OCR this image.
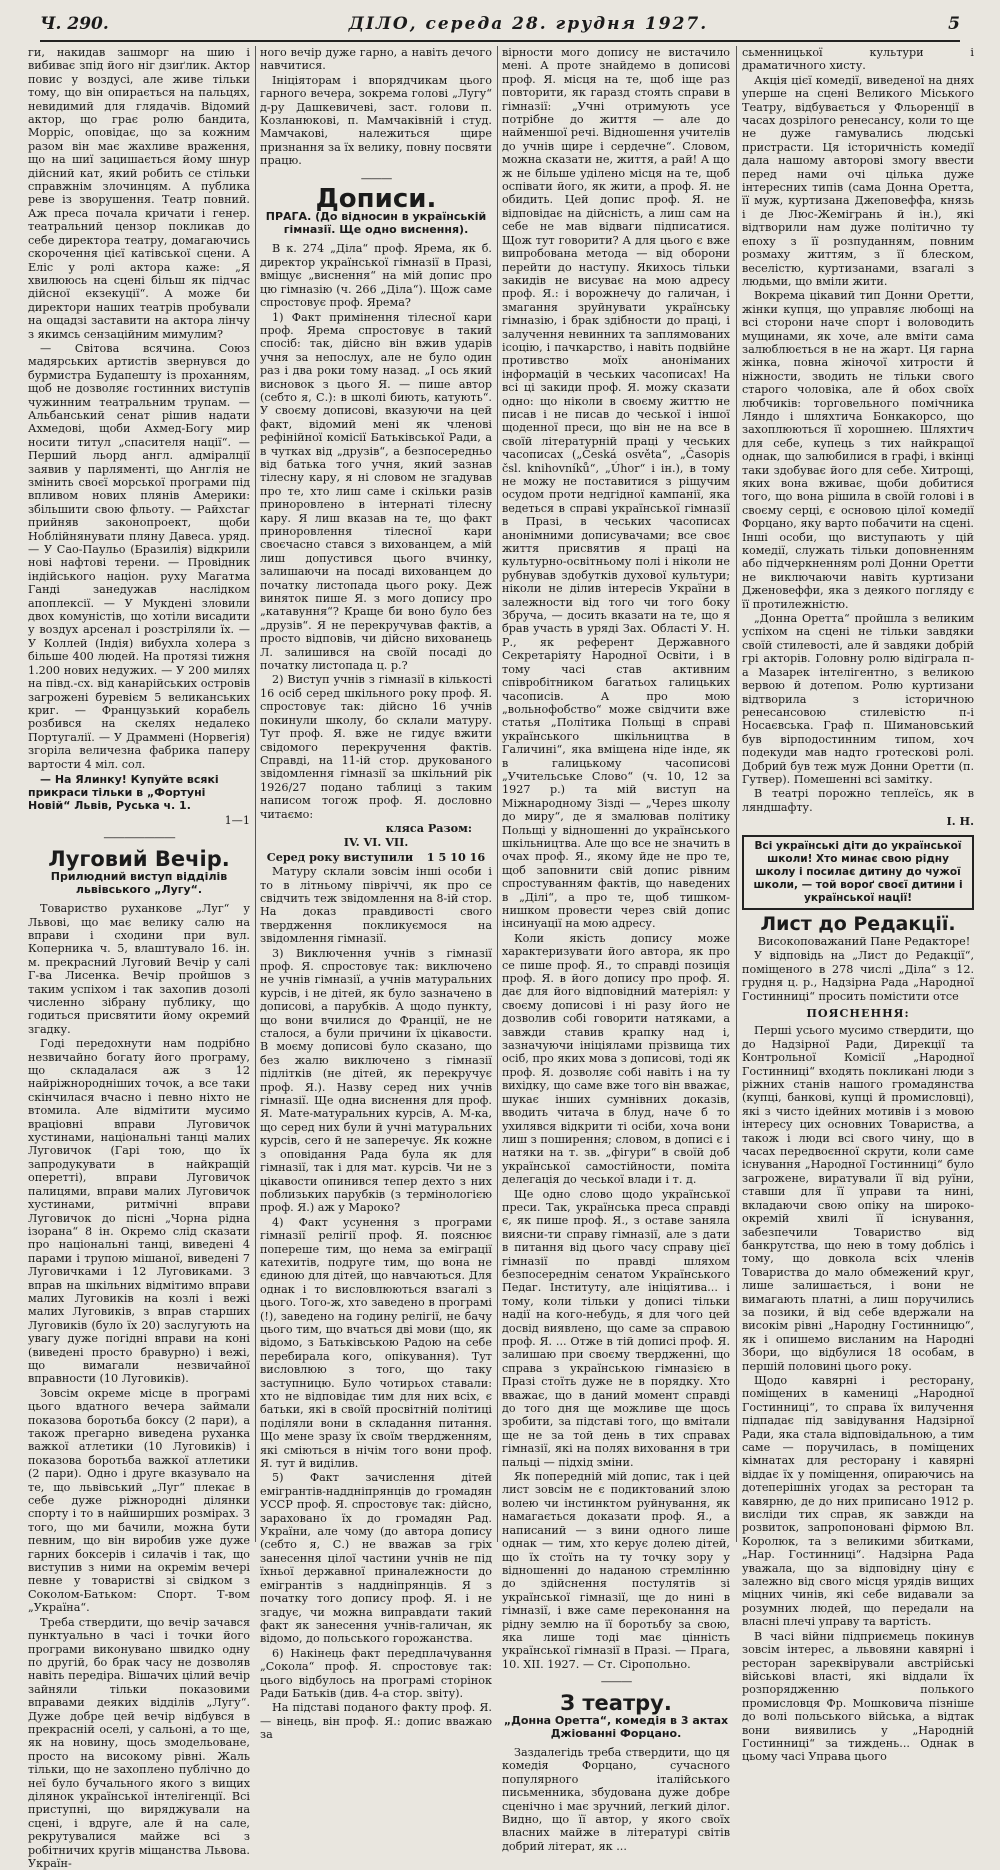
Ч. 290.	ДІЛО, середа 28. грудня 1927.	5

ги, накидав зашморг на шию і вибиває зпід його ніг дзиґлик. Актор повис у воздусі, але живе тільки тому, що він опирається на пальцях, невидимий для глядачів. Відомий актор, що грає ролю бандита, Морріс, оповідає, що за кожним разом він має жахливе враження, що на шиї зацишається йому шнур дійсний кат, який робить се стільки справжнім злочинцям. А публика реве із зворушення. Театр повний. Аж преса почала кричати і генер. театральний цензор покликав до себе директора театру, домагаючись скорочення цієї катівської сцени. А Еліс у ролі актора каже: „Я хвилююсь на сцені більш як підчас дійсної екзекуції“. А може би директори наших театрів пробували на ощадзі заставити на актора лінчу з якимсь сензаційним мимулим?

— Світова всячина. Союз мадярських артистів звернувся до бурмистра Будапешту із проханням, щоб не дозволяє гостинних виступів чужинним театральним трупам. — Альбанський сенат рішив надати Ахмедові, щоби Ахмед-Богу мир носити титул „спасителя нації“. — Перший льорд англ. адміралції заявив у парляменті, що Англія не змінить своєї морської програми під впливом нових плянів Америки: збільшити свою фльоту. — Райхстаг прийняв законопроект, щоби Ноблійнянувати пляну Давеса. уряд. — У Сао-Паульо (Бразилія) відкрили нові нафтові терени. — Провідник індійського націон. руху Магатма Ганді занедужав наслідком апоплексії. — У Мукдені зловили двох комуністів, що хотіли висадити у воздух арсенал і розстріляли їх. — У Коллей (Індія) вибухла холера з більше 400 людей. На протязі тижня 1.200 нових недужих. — У 200 милях на півд.-сх. від канарійських островів загрожені буревієм 5 великанських криг. — Французький корабель розбився на скелях недалеко Португалії. — У Драммені (Норвегія) згоріла величезна фабрика паперу вартости 4 міл. сол.

— На Ялинку! Купуйте всякі прикраси тільки в „Фортуні Новій“ Львів, Руська ч. 1.

1—1

———————
Луговий Вечір.
Прилюдний виступ відділів львівського „Лугу“.

Товариство руханкове „Луг“ у Львові, що має велику салю на вправи і сходини при вул. Коперника ч. 5, влаштувало 16. ін. м. прекрасний Луговий Вечір у салі Г-ва Лисенка. Вечір пройшов з таким успіхом і так захопив дозолі численно зібрану публику, що годиться присвятити йому окремий згадку.

Годі передохнути нам подрібно незвичайно богату його програму, що складалася аж з 12 найріжнородніших точок, а все таки скінчилася вчасно і певно ніхто не втомила. Але відмітити мусимо враціовні вправи Луговичок хустинами, національні танці малих Луговичок (Гарі тою, що їх запродукувати в найкращій оперетті), вправи Луговичок палицями, вправи малих Луговичок хустинами, ритмічні вправи Луговичок до пісні „Чорна рідна ізорана“ 8 ін. Окремо слід сказати про національні танці, виведені 4 парами і трупою мішаної, виведені 7 Луговичками і 12 Луговиками. З вправ на шкільних відмітимо вправи малих Луговиків на козлі і вежі малих Луговиків, з вправ старших Луговиків (було їх 20) заслугують на увагу дуже погідні вправи на коні (виведені просто бравурно) і вежі, що вимагали незвичайної вправности (10 Луговиків).

Зовсім окреме місце в програмі цього вдатного вечера займали показова боротьба боксу (2 пари), а також прегарно виведена руханка важкої атлетики (10 Луговиків) і показова боротьба важкої атлетики (2 пари). Одно і друге вказувало на те, що львівський „Луг“ плекає в себе дуже ріжнородні ділянки спорту і то в найширших розмірах. З того, що ми бачили, можна бути певним, що він виробив уже дуже гарних боксерів і силачів і так, що виступив з ними на окремім вечері певне у товаристві зі свідком з Соколом-Батьком: Спорт. Т-вом „Україна“.

Треба ствердити, що вечір зачався пунктуально в часі і точки його програми виконувано швидко одну по другій, бо брак часу не дозволяв навіть передіра. Вішачих цілий вечір зайняли тільки показовими вправами деяких відділів „Лугу“. Дуже добре цей вечір відбувся в прекрасній оселі, у сальоні, а то ще, як на новину, щось змодельоване, просто на високому рівні. Жаль тільки, що не захоплено публічно до неї було бучального якого з вищих ділянок української інтелігенції. Всі приступні, що виряджували на сцені, і вдруге, але й на сале, рекрутувалися майже всі з робітничих кругів міщанства Львова. Україн-

ного вечір дуже гарно, а навіть дечого навчитися.

Ініціяторам і впорядчикам цього гарного вечера, зокрема голові „Лугу“ д-ру Дашкевичеві, заст. голови п. Козланюкові, п. Мамчаківній і студ. Мамчакові, належиться щире признання за їх велику, повну посвяти працю.

———
Дописи.
ПРАГА. (До відносин в українській гімназії. Ще одно виснення).

В к. 274 „Діла“ проф. Ярема, як б. директор української гімназії в Празі, вміщує „виснення“ на мій допис про цю гімназію (ч. 266 „Діла“). Щож саме спростовує проф. Ярема?

1) Факт примінення тілесної кари проф. Ярема спростовує в такий спосіб: так, дійсно він вжив ударів учня за непослух, але не було один раз і два роки тому назад. „І ось який висновок з цього Я. — пише автор (себто я, С.): в школі биють, катують“. У своєму дописові, вказуючи на цей факт, відомий мені як членові рефінійної комісії Батьківської Ради, а в чутках від „друзів“, а безпосередньо від батька того учня, який зазнав тілесну кару, я ні словом не згадував про те, хто лиш саме і скільки разів приноровлено в інтернаті тілесну кару. Я лиш вказав на те, що факт приноровлення тілесної кари своєчасно стався з вихованцем, а мій лиш допустився цього вчинку, залишаючи на посаді вихованцем до початку листопада цього року. Деж виняток пише Я. з мого допису про „катавуння“? Краще би воно було без „друзів“. Я не перекручував фактів, а просто відповів, чи дійсно вихованець Л. залишився на своїй посаді до початку листопада ц. р.?

2) Виступ учнів з гімназії в кількості 16 осіб серед шкільного року проф. Я. спростовує так: дійсно 16 учнів покинули школу, бо склали матуру. Тут проф. Я. вже не гидує вжити свідомого перекручення фактів. Справді, на 11-ій стор. друкованого звідомлення гімназії за шкільний рік 1926/27 подано таблиці з таким написом тогож проф. Я. дословно читаємо:

кляса Разом:
IV. VI. VII.
Серед року виступили 1 5 10 16

Матуру склали зовсім інші особи і то в літньому півріччі, як про се свідчить теж звідомлення на 8-ій стор. На доказ правдивості свого твердження покликуємося на звідомлення гімназії.

3) Виключення учнів з гімназії проф. Я. спростовує так: виключено не учнів гімназії, а учнів матуральних курсів, і не дітей, як було зазначено в дописові, а парубків. А щодо пункту, що вони вчилися до Франції, не не сталося, а були причини їх цікавости. В моєму дописові було сказано, що без жалю виключено з гімназії підлітків (не дітей, як перекручує проф. Я.). Назву серед них учнів гімназії. Ще одна виснення для проф. Я. Мате-матуральних курсів, А. М-ка, що серед них були й учні матуральних курсів, сего й не заперечує. Як кожне з оповідання Рада була як для гімназії, так і для мат. курсів. Чи не з цікавости опинився тепер дехто з них поблизьких парубків (з термінологією проф. Я.) аж у Мароко?

4) Факт усунення з програми гімназії релігії проф. Я. пояснює попереше тим, що нема за еміграції катехитів, подруге тим, що вона не єдиною для дітей, що навчаються. Для однак і то висловлюються взагалі з цього. Того-ж, хто заведено в програмі (!), заведено на годину релігії, не бачу цього тим, що вчаться дві мови (що, як відомо, з Батьківською Радою на себе перебирала кого, опікування). Тут висловлюю з того, що таку заступницю. Було чотирьох ставали: хто не відповідає тим для них всіх, є батьки, які в своїй просвітній політиці поділяли вони в складання питання. Що мене зразу їх своїм твердженням, які сміються в нічім того вони проф. Я. тут й виділив.

5) Факт зачислення дітей емігрантів-наддніпрянців до громадян УССР проф. Я. спростовує так: дійсно, зараховано їх до громадян Рад. України, але чому (до автора допису (себто я, С.) не вважав за гріх занесення цілої частини учнів не під їхньої державної приналежности до емігрантів з наддніпрянців. Я з початку того допису проф. Я. і не згадує, чи можна виправдати такий факт як занесення учнів-галичан, як відомо, до польського горожанства.

6) Накінець факт передплачування „Сокола“ проф. Я. спростовує так: цього відбулось на програмі сторінок Ради Батьків (див. 4-а стор. звіту).

На підставі поданого факту проф. Я. — вінець, він проф. Я.: допис вважаю за

вірности мого допису не вистачило мені. А проте знайдемо в дописові проф. Я. місця на те, щоб іще раз повторити, як гаразд стоять справи в гімназії: „Учні отримують усе потрібне до життя — але до найменшої речі. Відношення учителів до учнів щире і сердечне“. Словом, можна сказати не, життя, а рай! А що ж не більше уділено місця на те, щоб оспівати його, як жити, а проф. Я. не обидить. Цей допис проф. Я. не відповідає на дійсність, а лиш сам на себе не мав відваги підписатися. Щож тут говорити? А для цього є вже випробована метода — від оборони перейти до наступу. Якихось тільки закидів не висуває на мою адресу проф. Я.: і ворожнечу до галичан, і змагання зруйнувати українську гімназію, і брак здібности до праці, і залучення невинних та заплямованих ісоцію, і пачкарство, і навіть подвійне противство моїх аноніманих інформацій в чеських часописах! На всі ці закиди проф. Я. можу сказати одно: що ніколи в своєму життю не писав і не писав до чеської і іншої щоденної преси, що він не на все в своїй літературній праці у чеських часописах („Česká osvěta“, „Časopis čsl. knihovníků“, „Úhor“ і ін.), в тому не можу не поставитися з ріщучим осудом проти недгідної кампанії, яка ведеться в справі української гімназії в Празі, в чеських часописах анонімними дописувачами; все своє життя присвятив я праці на культурно-освітньому полі і ніколи не рубнував здобутків духової культури; ніколи не ділив інтересів України в залежности від того чи того боку Збруча, — досить вказати на те, що я брав участь в уряді Зах. Області У. Н. Р., як референт Державного Секретаріяту Народної Освіти, і в тому часі став активним співробітником багатьох галицьких часописів. А про мою „вольнофобство“ може свідчити вже статья „Політика Польщі в справі українського шкільництва в Галичині“, яка вміщена ніде інде, як в галицькому часописові „Учительське Слово“ (ч. 10, 12 за 1927 р.) та мій виступ на Міжнародному Зізді — „Через школу до миру“, де я змалював політику Польщі у відношенні до українського шкільництва. Але що все не значить в очах проф. Я., якому йде не про те, щоб заповнити свій допис рівним спростуванням фактів, що наведених в „Ділі“, а про те, щоб тишком-нишком провести через свій допис інсинуації на мою адресу.

Коли якість допису може характеризувати його автора, як про се пише проф. Я., то справді позиція проф. Я. в його допису про проф. Я. дає для його відповідний матеріял: у своєму дописові і ні разу його не дозволив собі говорити натяками, а завжди ставив крапку над і, зазначуючи ініціялами прізвища тих осіб, про яких мова з дописові, тоді як проф. Я. дозволяє собі навіть і на ту вихідку, що саме вже того він вважає, шукає інших сумнівних доказів, вводить читача в блуд, наче б то ухилявся відкрити ті осіби, хоча вони лиш з поширення; словом, в дописі є і натяки на т. зв. „фігури“ в своїй доб української самостійности, поміта делегація до чеської влади і т. д.

Ще одно слово щодо української преси. Так, українська преса справді є, як пише проф. Я., з оставе заняла виясни-ти справу гімназії, але з дати в питання від цього часу справу цієї гімназії по правді шляхом безпосереднім сенатом Українського Педаг. Інституту, але ініціятива... і тому, коли тільки у дописі тільки надії на кого-небудь, я для чого цей досвід виявлено, що саме за справою проф. Я. ... Отже в тій дописі проф. Я. залишаю при своєму твердженні, що справа з українською гімназією в Празі стоїть дуже не в порядку. Хто вважає, що в даний момент справді до того дня ще можливе ще щось зробити, за підставі того, що вмітали ще не за той день в тих справах гімназії, які на полях виховання в три пальці — підхід зміни.

Як попередній мій допис, так і цей лист зовсім не є подиктований злою волею чи інстинктом руйнування, як намагається доказати проф. Я., а написаний — з вини одного лише однак — тим, хто керує долею дітей, що їх стоїть на ту точку зору у відношенні до наданою стремлінню до здійснення постулятів зі української гімназії, ще до нині в гімназії, і вже саме переконання на рідну землю на її боротьбу за свою, яка лише тоді має цінність української гімназії в Празі. — Прага, 10. XII. 1927. — Ст. Сіропольно.

———
З театру.
„Донна Оретта“, комедія в 3 актах Джіованні Форцано.

Заздалегідь треба ствердити, що ця комедія Форцано, сучасного популярного італійського письменника, збудована дуже добре сценічно і має зручний, легкий ділог. Видно, що її автор, у якого своїх власних майже в літературі світів добрий літерат, як ...

сьменницької культури і драматичного хисту.

Акція цієї комедії, виведеної на днях уперше на сцені Великого Міського Театру, відбувається у Фльоренції в часах дозрілого ренесансу, коли то ще не дуже гамувались людські пристрасти. Ця історичність комедії дала нашому авторові змогу ввести перед нами очі цілька дуже інтересних типів (сама Донна Оретта, її муж, куртизана Джеповеффа, князь і де Люс-Жемігрань й ін.), які відтворили нам дуже політично ту епоху з її розпуданням, повним розмаху життям, з її блеском, веселістю, куртизанами, взагалі з людьми, що вміли жити.

Вокрема цікавий тип Донни Оретти, жінки купця, що управляє любощі на всі сторони наче спорт і воловодить мущинами, як хоче, але вміти сама залюблюється в не на жарт. Ця гарна жінка, повна жіночої хитрости й ніжности, зводить не тільки свого старого чоловіка, але й обох своїх любчиків: торговельного помічника Ляндо і шляхтича Бонкакорсо, що захоплюються її хорошнею. Шляхтич для себе, купець з тих найкращої однак, що залюбилися в графі, і вкінці таки здобуває його для себе. Хитрощі, яких вона вживає, щоби добитися того, що вона рішила в своїй голові і в своєму серці, є основою цілої комедії Форцано, яку варто побачити на сцені. Інші особи, що виступають у цій комедії, служать тільки доповненням або підчеркненням ролі Донни Оретти не виключаючи навіть куртизани Дженовеффи, яка з деякого погляду є її протилежністю.

„Донна Оретта“ пройшла з великим успіхом на сцені не тільки завдяки своїй стилевості, але й завдяки добрій грі акторів. Головну ролю відіграла п-а Мазарек інтелігентно, з великою вервою й дотепом. Ролю куртизани відтворила з історичною ренесансовою стилевістю п-і Носаєвська. Граф п. Шимановський був вірподостинним типом, хоч подекуди мав надто гротескові ролі. Добрий був теж муж Донни Оретти (п. Гутвер). Помешенні всі замітку.

В театрі порожно теплеїсь, як в ляндшафту.

І. Н.

Всі українські діти до української школи! Хто минає свою рідну школу і посилає дитину до чужої школи, — той вороґ своєї дитини і української нації!
Лист до Редакції.

Високоповажаний Пане Редакторе!

У відповідь на „Лист до Редакції“, поміщеного в 278 числі „Діла“ з 12. грудня ц. р., Надзірна Рада „Народної Гостинниці“ просить помістити отсе

ПОЯСНЕННЯ:

Перші усього мусимо ствердити, що до Надзірної Ради, Дирекції та Контрольної Комісії „Народної Гостинниці“ входять покликані люди з ріжних станів нашого громадянства (купці, банкові, купці й промисловці), які з чисто ідейних мотивів і з мовою інтересу цих основних Товариства, а також і люди всі свого чину, що в часах передвоєнної скрути, коли саме існування „Народної Гостинниці“ було загрожене, виратували її від руїни, ставши для її управи та нині, вкладаючи свою опіку на широко-окремій хвилі її існування, забезпечили Товариство від банкрутства, що нею в тому доблісь і тому, що довкола всіх членів Товариства до мало обмежений круг, лише залишається, і вони не вимагають платні, а лиш поручились за позики, й від себе вдержали на високім рівні „Народну Гостинницю“, як і опишемо висланим на Народні Збори, що відбулися 18 особам, в першій половині цього року.

Щодо кавярні і ресторану, поміщених в камениці „Народної Гостинниці“, то справа їх вилучення підпадає під завідування Надзірної Ради, яка стала відповідальною, а тим саме — поручилась, в поміщених кімнатах для ресторану і кавярні віддає їх у поміщення, опираючись на дотеперішніх угодах за ресторан та кавярню, де до них приписано 1912 р. висліди тих справ, як завжди на розвиток, запропоновані фірмою Вл. Королюк, та з великими збитками, „Нар. Гостинниці“. Надзірна Рада уважала, що за відповідну ціну є залежно від свого місця урядів вищих міцних чинів, які себе видавали за розумних людей, що передали на власні плечі управу та вартість.

В часі війни підприємець покинув зовсім інтерес, а львовяни кавярні і ресторан зареквірували австрійські військові власті, які віддали їх розпорядженню полького промисловця Фр. Мошковича пізніше до волі польського війська, а відтак вони виявились у „Народній Гостинниці“ за тиждень... Однак в цьому часі Управа цього
